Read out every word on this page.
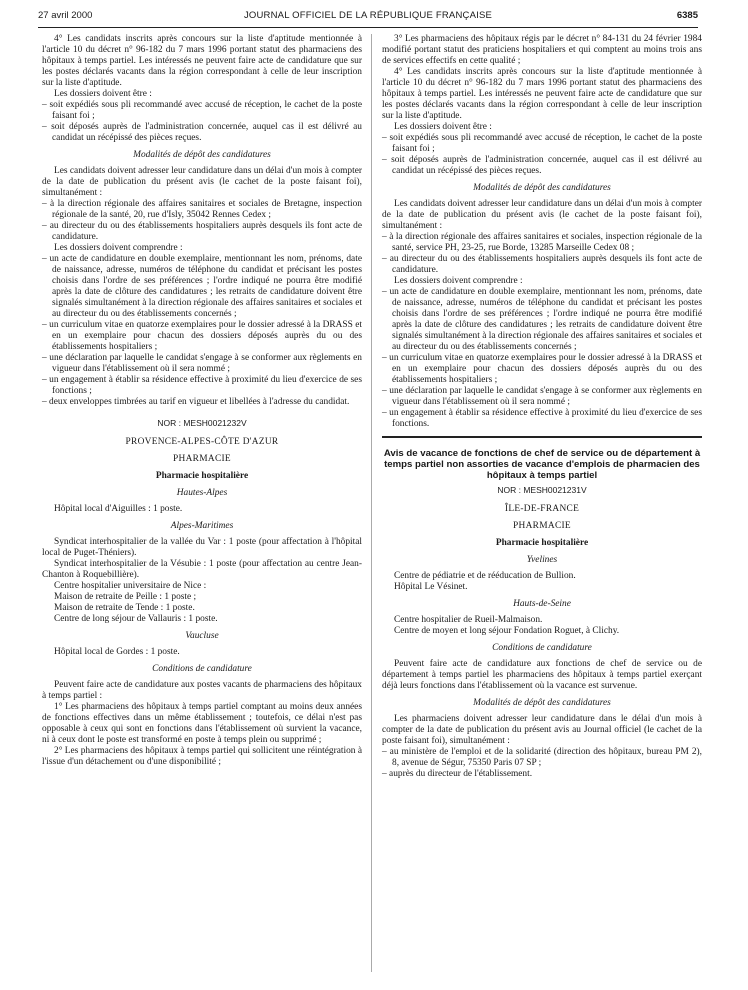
27 avril 2000	JOURNAL OFFICIEL DE LA RÉPUBLIQUE FRANÇAISE	6385

4° Les candidats inscrits après concours sur la liste d'aptitude mentionnée à l'article 10 du décret n° 96-182 du 7 mars 1996 portant statut des pharmaciens des hôpitaux à temps partiel. Les intéressés ne peuvent faire acte de candidature que sur les postes déclarés vacants dans la région correspondant à celle de leur inscription sur la liste d'aptitude.

Les dossiers doivent être :

– soit expédiés sous pli recommandé avec accusé de réception, le cachet de la poste faisant foi ;

– soit déposés auprès de l'administration concernée, auquel cas il est délivré au candidat un récépissé des pièces reçues.

Modalités de dépôt des candidatures

Les candidats doivent adresser leur candidature dans un délai d'un mois à compter de la date de publication du présent avis (le cachet de la poste faisant foi), simultanément :

– à la direction régionale des affaires sanitaires et sociales de Bretagne, inspection régionale de la santé, 20, rue d'Isly, 35042 Rennes Cedex ;

– au directeur du ou des établissements hospitaliers auprès desquels ils font acte de candidature.

Les dossiers doivent comprendre :

– un acte de candidature en double exemplaire, mentionnant les nom, prénoms, date de naissance, adresse, numéros de téléphone du candidat et précisant les postes choisis dans l'ordre de ses préférences ; l'ordre indiqué ne pourra être modifié après la date de clôture des candidatures ; les retraits de candidature doivent être signalés simultanément à la direction régionale des affaires sanitaires et sociales et au directeur du ou des établissements concernés ;

– un curriculum vitae en quatorze exemplaires pour le dossier adressé à la DRASS et en un exemplaire pour chacun des dossiers déposés auprès du ou des établissements hospitaliers ;

– une déclaration par laquelle le candidat s'engage à se conformer aux règlements en vigueur dans l'établissement où il sera nommé ;

– un engagement à établir sa résidence effective à proximité du lieu d'exercice de ses fonctions ;

– deux enveloppes timbrées au tarif en vigueur et libellées à l'adresse du candidat.

NOR : MESH0021232V
PROVENCE-ALPES-CÔTE D'AZUR
PHARMACIE
Pharmacie hospitalière
Hautes-Alpes

Hôpital local d'Aiguilles : 1 poste.

Alpes-Maritimes

Syndicat interhospitalier de la vallée du Var : 1 poste (pour affectation à l'hôpital local de Puget-Théniers).

Syndicat interhospitalier de la Vésubie : 1 poste (pour affectation au centre Jean-Chanton à Roquebillière).

Centre hospitalier universitaire de Nice :

Maison de retraite de Peille : 1 poste ;

Maison de retraite de Tende : 1 poste.

Centre de long séjour de Vallauris : 1 poste.

Vaucluse

Hôpital local de Gordes : 1 poste.

Conditions de candidature

Peuvent faire acte de candidature aux postes vacants de pharmaciens des hôpitaux à temps partiel :

1° Les pharmaciens des hôpitaux à temps partiel comptant au moins deux années de fonctions effectives dans un même établissement ; toutefois, ce délai n'est pas opposable à ceux qui sont en fonctions dans l'établissement où survient la vacance, ni à ceux dont le poste est transformé en poste à temps plein ou supprimé ;

2° Les pharmaciens des hôpitaux à temps partiel qui sollicitent une réintégration à l'issue d'un détachement ou d'une disponibilité ;

3° Les pharmaciens des hôpitaux régis par le décret n° 84-131 du 24 février 1984 modifié portant statut des praticiens hospitaliers et qui comptent au moins trois ans de services effectifs en cette qualité ;

4° Les candidats inscrits après concours sur la liste d'aptitude mentionnée à l'article 10 du décret n° 96-182 du 7 mars 1996 portant statut des pharmaciens des hôpitaux à temps partiel. Les intéressés ne peuvent faire acte de candidature que sur les postes déclarés vacants dans la région correspondant à celle de leur inscription sur la liste d'aptitude.

Les dossiers doivent être :

– soit expédiés sous pli recommandé avec accusé de réception, le cachet de la poste faisant foi ;

– soit déposés auprès de l'administration concernée, auquel cas il est délivré au candidat un récépissé des pièces reçues.

Modalités de dépôt des candidatures

Les candidats doivent adresser leur candidature dans un délai d'un mois à compter de la date de publication du présent avis (le cachet de la poste faisant foi), simultanément :

– à la direction régionale des affaires sanitaires et sociales, inspection régionale de la santé, service PH, 23-25, rue Borde, 13285 Marseille Cedex 08 ;

– au directeur du ou des établissements hospitaliers auprès desquels ils font acte de candidature.

Les dossiers doivent comprendre :

– un acte de candidature en double exemplaire, mentionnant les nom, prénoms, date de naissance, adresse, numéros de téléphone du candidat et précisant les postes choisis dans l'ordre de ses préférences ; l'ordre indiqué ne pourra être modifié après la date de clôture des candidatures ; les retraits de candidature doivent être signalés simultanément à la direction régionale des affaires sanitaires et sociales et au directeur du ou des établissements concernés ;

– un curriculum vitae en quatorze exemplaires pour le dossier adressé à la DRASS et en un exemplaire pour chacun des dossiers déposés auprès du ou des établissements hospitaliers ;

– une déclaration par laquelle le candidat s'engage à se conformer aux règlements en vigueur dans l'établissement où il sera nommé ;

– un engagement à établir sa résidence effective à proximité du lieu d'exercice de ses fonctions.

Avis de vacance de fonctions de chef de service ou de département à temps partiel non assorties de vacance d'emplois de pharmacien des hôpitaux à temps partiel
NOR : MESH0021231V
ÎLE-DE-FRANCE
PHARMACIE
Pharmacie hospitalière
Yvelines

Centre de pédiatrie et de rééducation de Bullion.

Hôpital Le Vésinet.

Hauts-de-Seine

Centre hospitalier de Rueil-Malmaison.

Centre de moyen et long séjour Fondation Roguet, à Clichy.

Conditions de candidature

Peuvent faire acte de candidature aux fonctions de chef de service ou de département à temps partiel les pharmaciens des hôpitaux à temps partiel exerçant déjà leurs fonctions dans l'établissement où la vacance est survenue.

Modalités de dépôt des candidatures

Les pharmaciens doivent adresser leur candidature dans le délai d'un mois à compter de la date de publication du présent avis au Journal officiel (le cachet de la poste faisant foi), simultanément :

– au ministère de l'emploi et de la solidarité (direction des hôpitaux, bureau PM 2), 8, avenue de Ségur, 75350 Paris 07 SP ;

– auprès du directeur de l'établissement.
